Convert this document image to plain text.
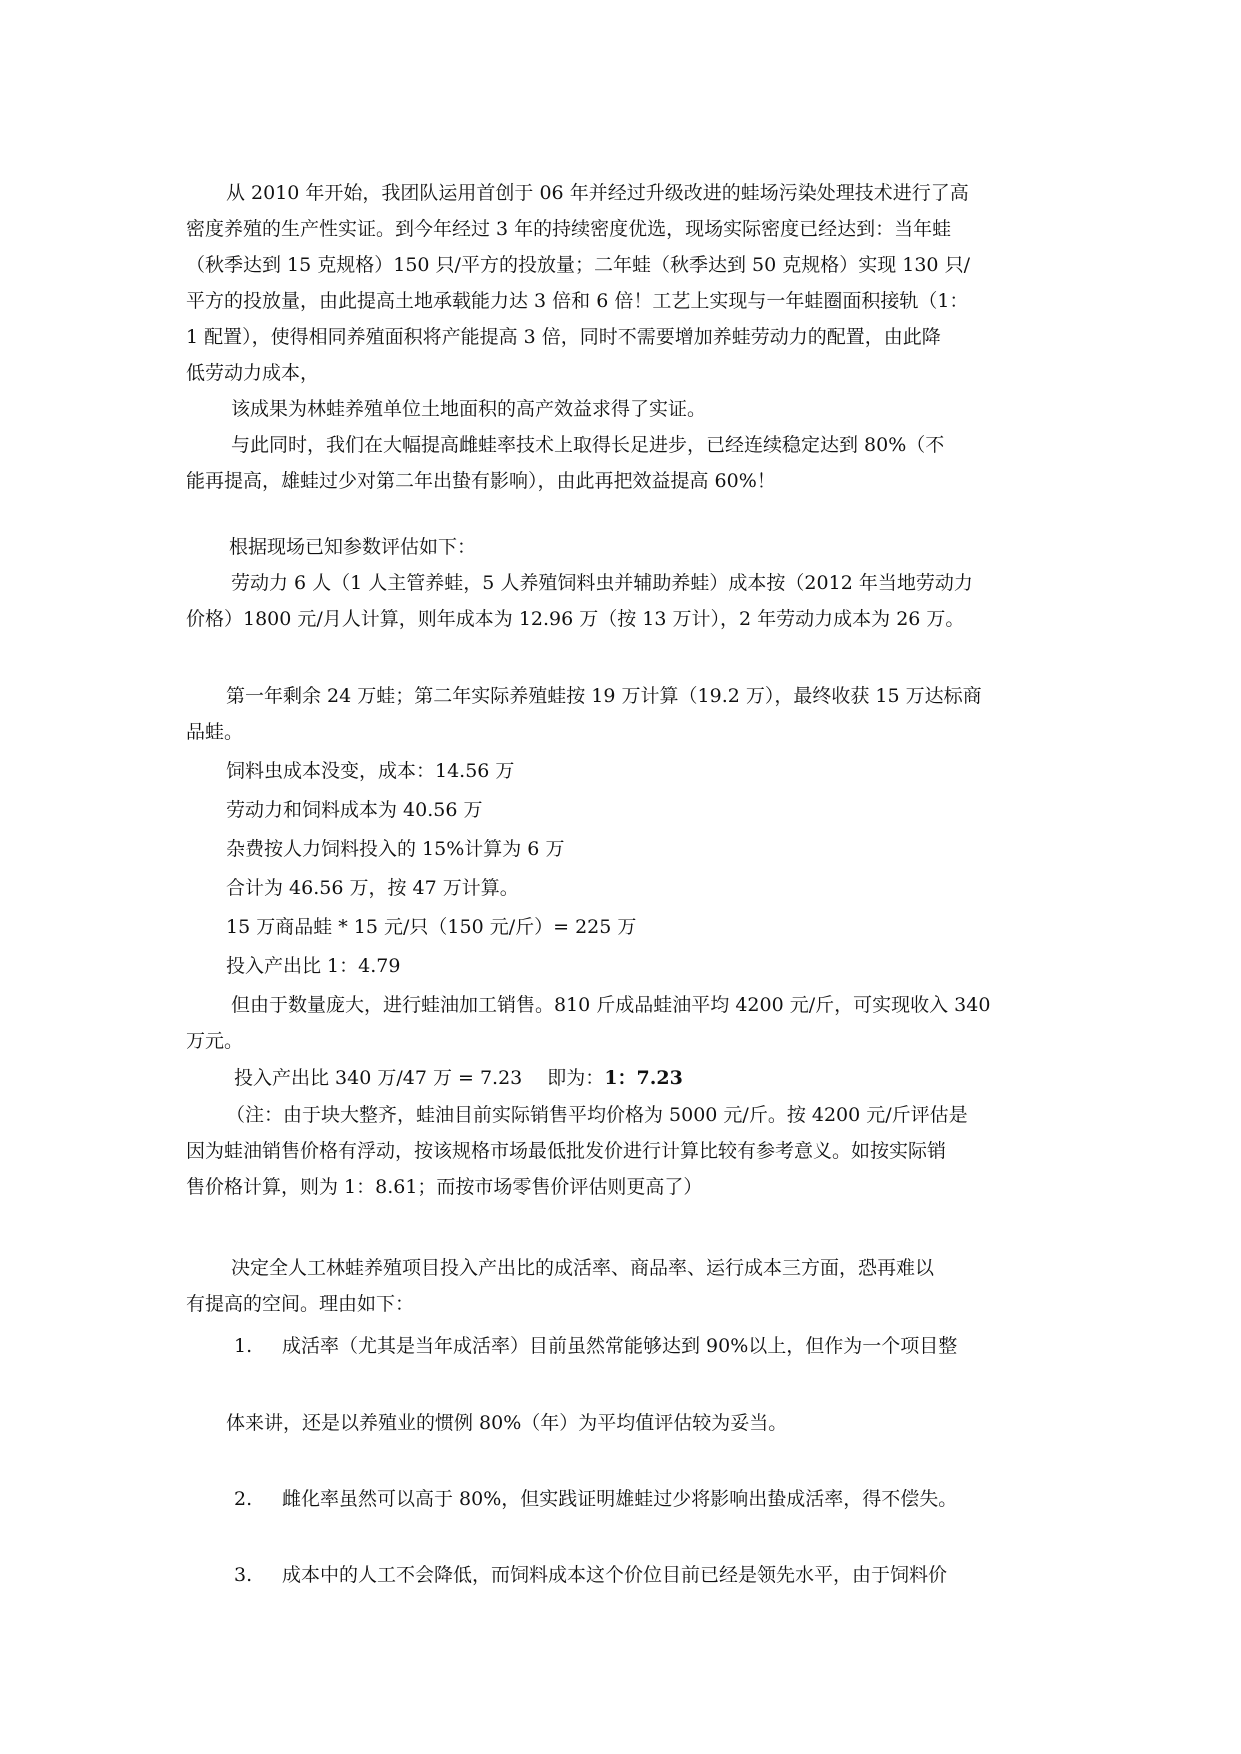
从 2010 年开始，我团队运用首创于 06 年并经过升级改进的蛙场污染处理技术进行了高
密度养殖的生产性实证。到今年经过 3 年的持续密度优选，现场实际密度已经达到：当年蛙
（秋季达到 15 克规格）150 只/平方的投放量；二年蛙（秋季达到 50 克规格）实现 130 只/
平方的投放量，由此提高土地承载能力达 3 倍和 6 倍！工艺上实现与一年蛙圈面积接轨（1：
1 配置），使得相同养殖面积将产能提高 3 倍，同时不需要增加养蛙劳动力的配置，由此降
低劳动力成本，
该成果为林蛙养殖单位土地面积的高产效益求得了实证。
与此同时，我们在大幅提高雌蛙率技术上取得长足进步，已经连续稳定达到 80%（不
能再提高，雄蛙过少对第二年出蛰有影响），由此再把效益提高 60%！
根据现场已知参数评估如下：
劳动力 6 人（1 人主管养蛙，5 人养殖饲料虫并辅助养蛙）成本按（2012 年当地劳动力
价格）1800 元/月人计算，则年成本为 12.96 万（按 13 万计），2 年劳动力成本为 26 万。
第一年剩余 24 万蛙；第二年实际养殖蛙按 19 万计算（19.2 万），最终收获 15 万达标商
品蛙。
饲料虫成本没变，成本：14.56 万
劳动力和饲料成本为 40.56 万
杂费按人力饲料投入的 15%计算为 6 万
合计为 46.56 万，按 47 万计算。
15 万商品蛙 * 15 元/只（150 元/斤）= 225 万
投入产出比 1：4.79
但由于数量庞大，进行蛙油加工销售。810 斤成品蛙油平均 4200 元/斤，可实现收入 340
万元。
投入产出比 340 万/47 万 = 7.23　 即为：1：7.23
（注：由于块大整齐，蛙油目前实际销售平均价格为 5000 元/斤。按 4200 元/斤评估是
因为蛙油销售价格有浮动，按该规格市场最低批发价进行计算比较有参考意义。如按实际销
售价格计算，则为 1：8.61；而按市场零售价评估则更高了）
决定全人工林蛙养殖项目投入产出比的成活率、商品率、运行成本三方面，恐再难以
有提高的空间。理由如下：
1. 成活率（尤其是当年成活率）目前虽然常能够达到 90%以上，但作为一个项目整
体来讲，还是以养殖业的惯例 80%（年）为平均值评估较为妥当。
2. 雌化率虽然可以高于 80%，但实践证明雄蛙过少将影响出蛰成活率，得不偿失。
3. 成本中的人工不会降低，而饲料成本这个价位目前已经是领先水平，由于饲料价
